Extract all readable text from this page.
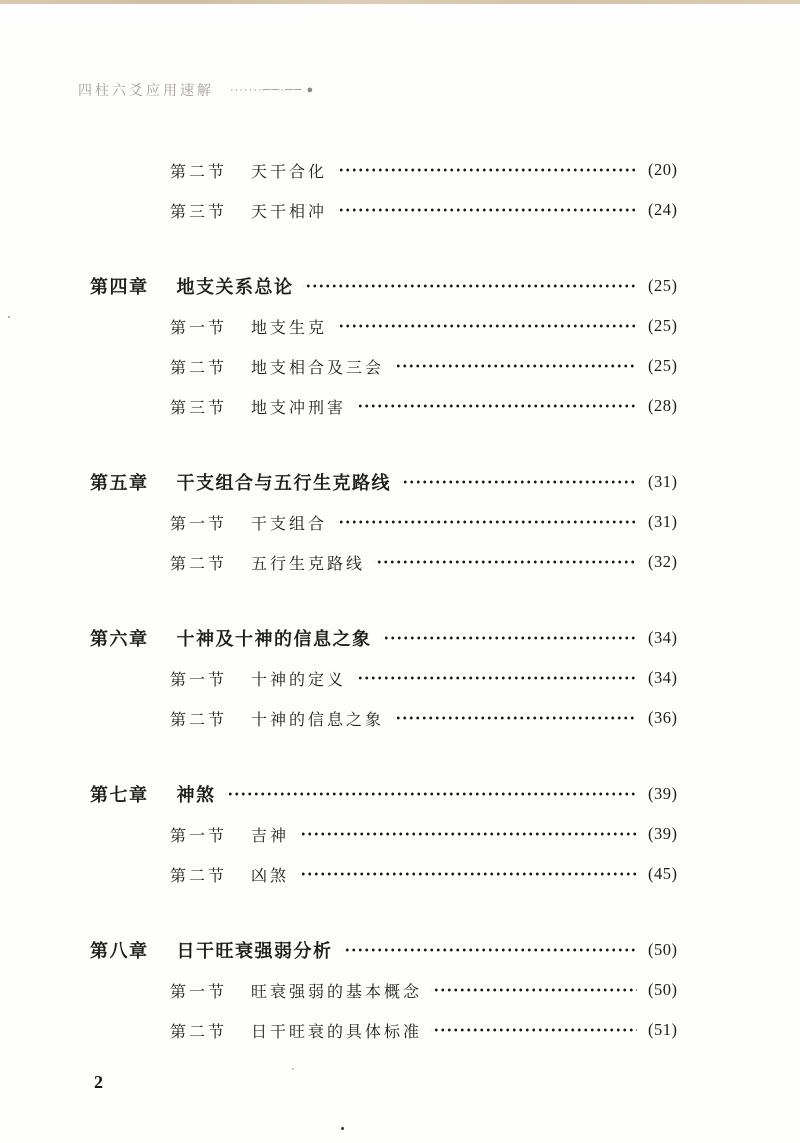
四柱六爻应用速解 ·······──·── ●
第二节 天干合化	(20)
第三节 天干相冲	(24)
第四章 地支关系总论	(25)
第一节 地支生克	(25)
第二节 地支相合及三会	(25)
第三节 地支冲刑害	(28)
第五章 干支组合与五行生克路线	(31)
第一节 干支组合	(31)
第二节 五行生克路线	(32)
第六章 十神及十神的信息之象	(34)
第一节 十神的定义	(34)
第二节 十神的信息之象	(36)
第七章 神煞	(39)
第一节 吉神	(39)
第二节 凶煞	(45)
第八章 日干旺衰强弱分析	(50)
第一节 旺衰强弱的基本概念	(50)
第二节 日干旺衰的具体标准	(51)
2
